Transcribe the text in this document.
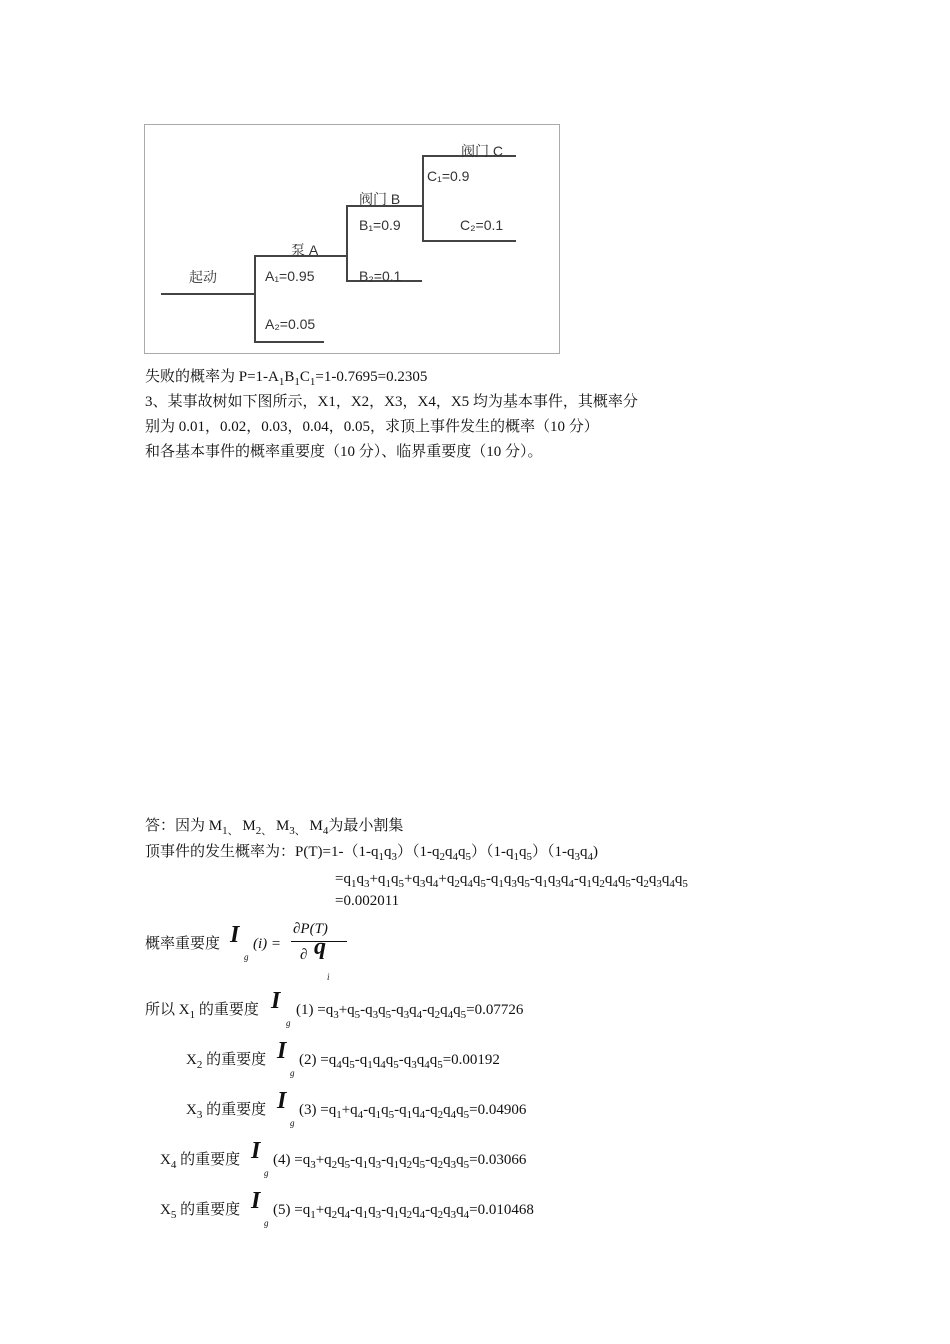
起动
泵 A
A₁=0.95
A₂=0.05
阀门 B
B₁=0.9
B₂=0.1
阀门 C
C₁=0.9
C₂=0.1
失败的概率为 $P=1-A_1B_1C_1=1-0.7695=0.2305$
3、某事故树如下图所示，X1，X2，X3，X4，X5 均为基本事件，其概率分
别为 0.01，0.02，0.03，0.04，0.05，求顶上事件发生的概率（10 分）
和各基本事件的概率重要度（10 分）、临界重要度（10 分）。
答：因为 $M_{1、}$ $M_{2、}$ $M_{3、}$ $M_4$为最小割集
顶事件的发生概率为：$P(T)=1-(1-q_1q_3)(1-q_2q_4q_5)(1-q_1q_5)(1-q_3q_4)$
$=q_1q_3+q_1q_5+q_3q_4+q_2q_4q_5-q_1q_3q_5-q_1q_3q_4-q_1q_2q_4q_5-q_2q_3q_4q_5$
=0.002011
概率重要度 I
g
(i) =
∂P(T)
∂ q
i
所以 $X_1$ 的重要度 I
g
$(1) =q_3+q_5-q_3q_5-q_3q_4-q_2q_4q_5=0.07726$
$X_2$ 的重要度 I
g
$(2) =q_4q_5-q_1q_4q_5-q_3q_4q_5=0.00192$
$X_3$ 的重要度 I
g
$(3) =q_1+q_4-q_1q_5-q_1q_4-q_2q_4q_5=0.04906$
$X_4$ 的重要度 I
g
$(4) =q_3+q_2q_5-q_1q_3-q_1q_2q_5-q_2q_3q_5=0.03066$
$X_5$ 的重要度 I
g
$(5) =q_1+q_2q_4-q_1q_3-q_1q_2q_4-q_2q_3q_4=0.010468$
